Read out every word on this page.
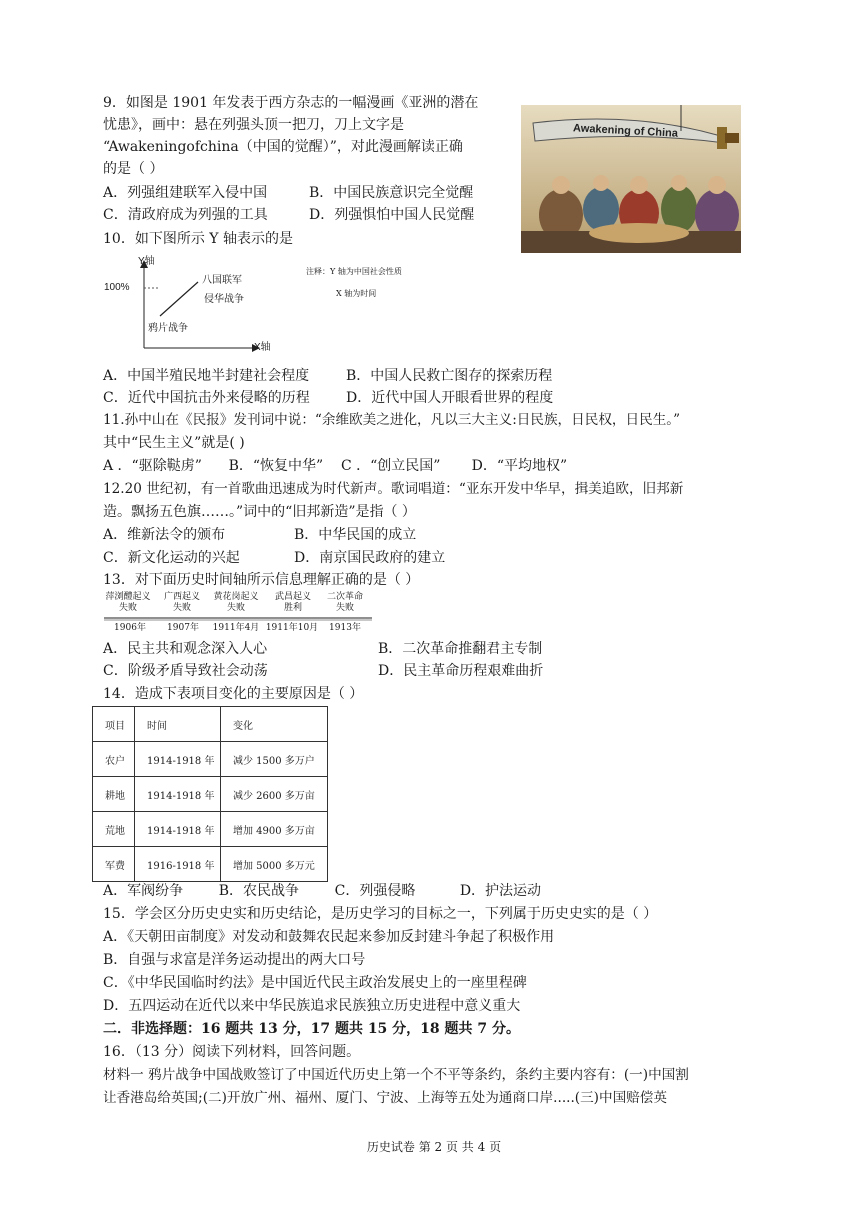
9．如图是 1901 年发表于西方杂志的一幅漫画《亚洲的潜在
忧患》，画中：悬在列强头顶一把刀，刀上文字是
“Awakeningofchina（中国的觉醒）”，对此漫画解读正确
的是（ ）
A．列强组建联军入侵中国	B．中国民族意识完全觉醒
C．清政府成为列强的工具	D．列强惧怕中国人民觉醒
Awakening of China
10．如下图所示 Y 轴表示的是
Y轴
100%
八国联军
侵华战争
鸦片战争
X轴
注释：Y 轴为中国社会性质
X 轴为时间
A．中国半殖民地半封建社会程度	B．中国人民救亡图存的探索历程
C．近代中国抗击外来侵略的历程	D．近代中国人开眼看世界的程度
11.孙中山在《民报》发刊词中说：“余维欧美之进化，凡以三大主义:日民族，日民权，日民生。”
其中“民生主义”就是( )
A ．“驱除鞑虏”      B．“恢复中华”    C ．“创立民国”       D．“平均地权”
12.20 世纪初，有一首歌曲迅速成为时代新声。歌词唱道：“亚东开发中华早，揖美追欧，旧邦新
造。飘扬五色旗……。”词中的“旧邦新造”是指（ ）
A．维新法令的颁布	B．中华民国的成立
C．新文化运动的兴起	D．南京国民政府的建立
13．对下面历史时间轴所示信息理解正确的是（ ）
萍浏醴起义
失败
广西起义
失败
黄花岗起义
失败
武昌起义
胜利
二次革命
失败
1906年	1907年	1911年4月 1911年10月	1913年
A．民主共和观念深入人心	B．二次革命推翻君主专制
C．阶级矛盾导致社会动荡	D．民主革命历程艰难曲折
14．造成下表项目变化的主要原因是（ ）
项目	时间	变化
农户	1914-1918 年	减少 1500 多万户
耕地	1914-1918 年	减少 2600 多万亩
荒地	1914-1918 年	增加 4900 多万亩
军费	1916-1918 年	增加 5000 多万元
A．军阀纷争        B．农民战争        C．列强侵略          D．护法运动
15．学会区分历史史实和历史结论，是历史学习的目标之一，下列属于历史史实的是（ ）
A．《天朝田亩制度》对发动和鼓舞农民起来参加反封建斗争起了积极作用
B．自强与求富是洋务运动提出的两大口号
C．《中华民国临时约法》是中国近代民主政治发展史上的一座里程碑
D．五四运动在近代以来中华民族追求民族独立历史进程中意义重大
二．非选择题：16 题共 13 分，17 题共 15 分，18 题共 7 分。
16．（13 分）阅读下列材料，回答问题。
材料一 鸦片战争中国战败签订了中国近代历史上第一个不平等条约，条约主要内容有：(一)中国割
让香港岛给英国;(二)开放广州、福州、厦门、宁波、上海等五处为通商口岸.....(三)中国赔偿英
历史试卷 第 2 页 共 4 页
